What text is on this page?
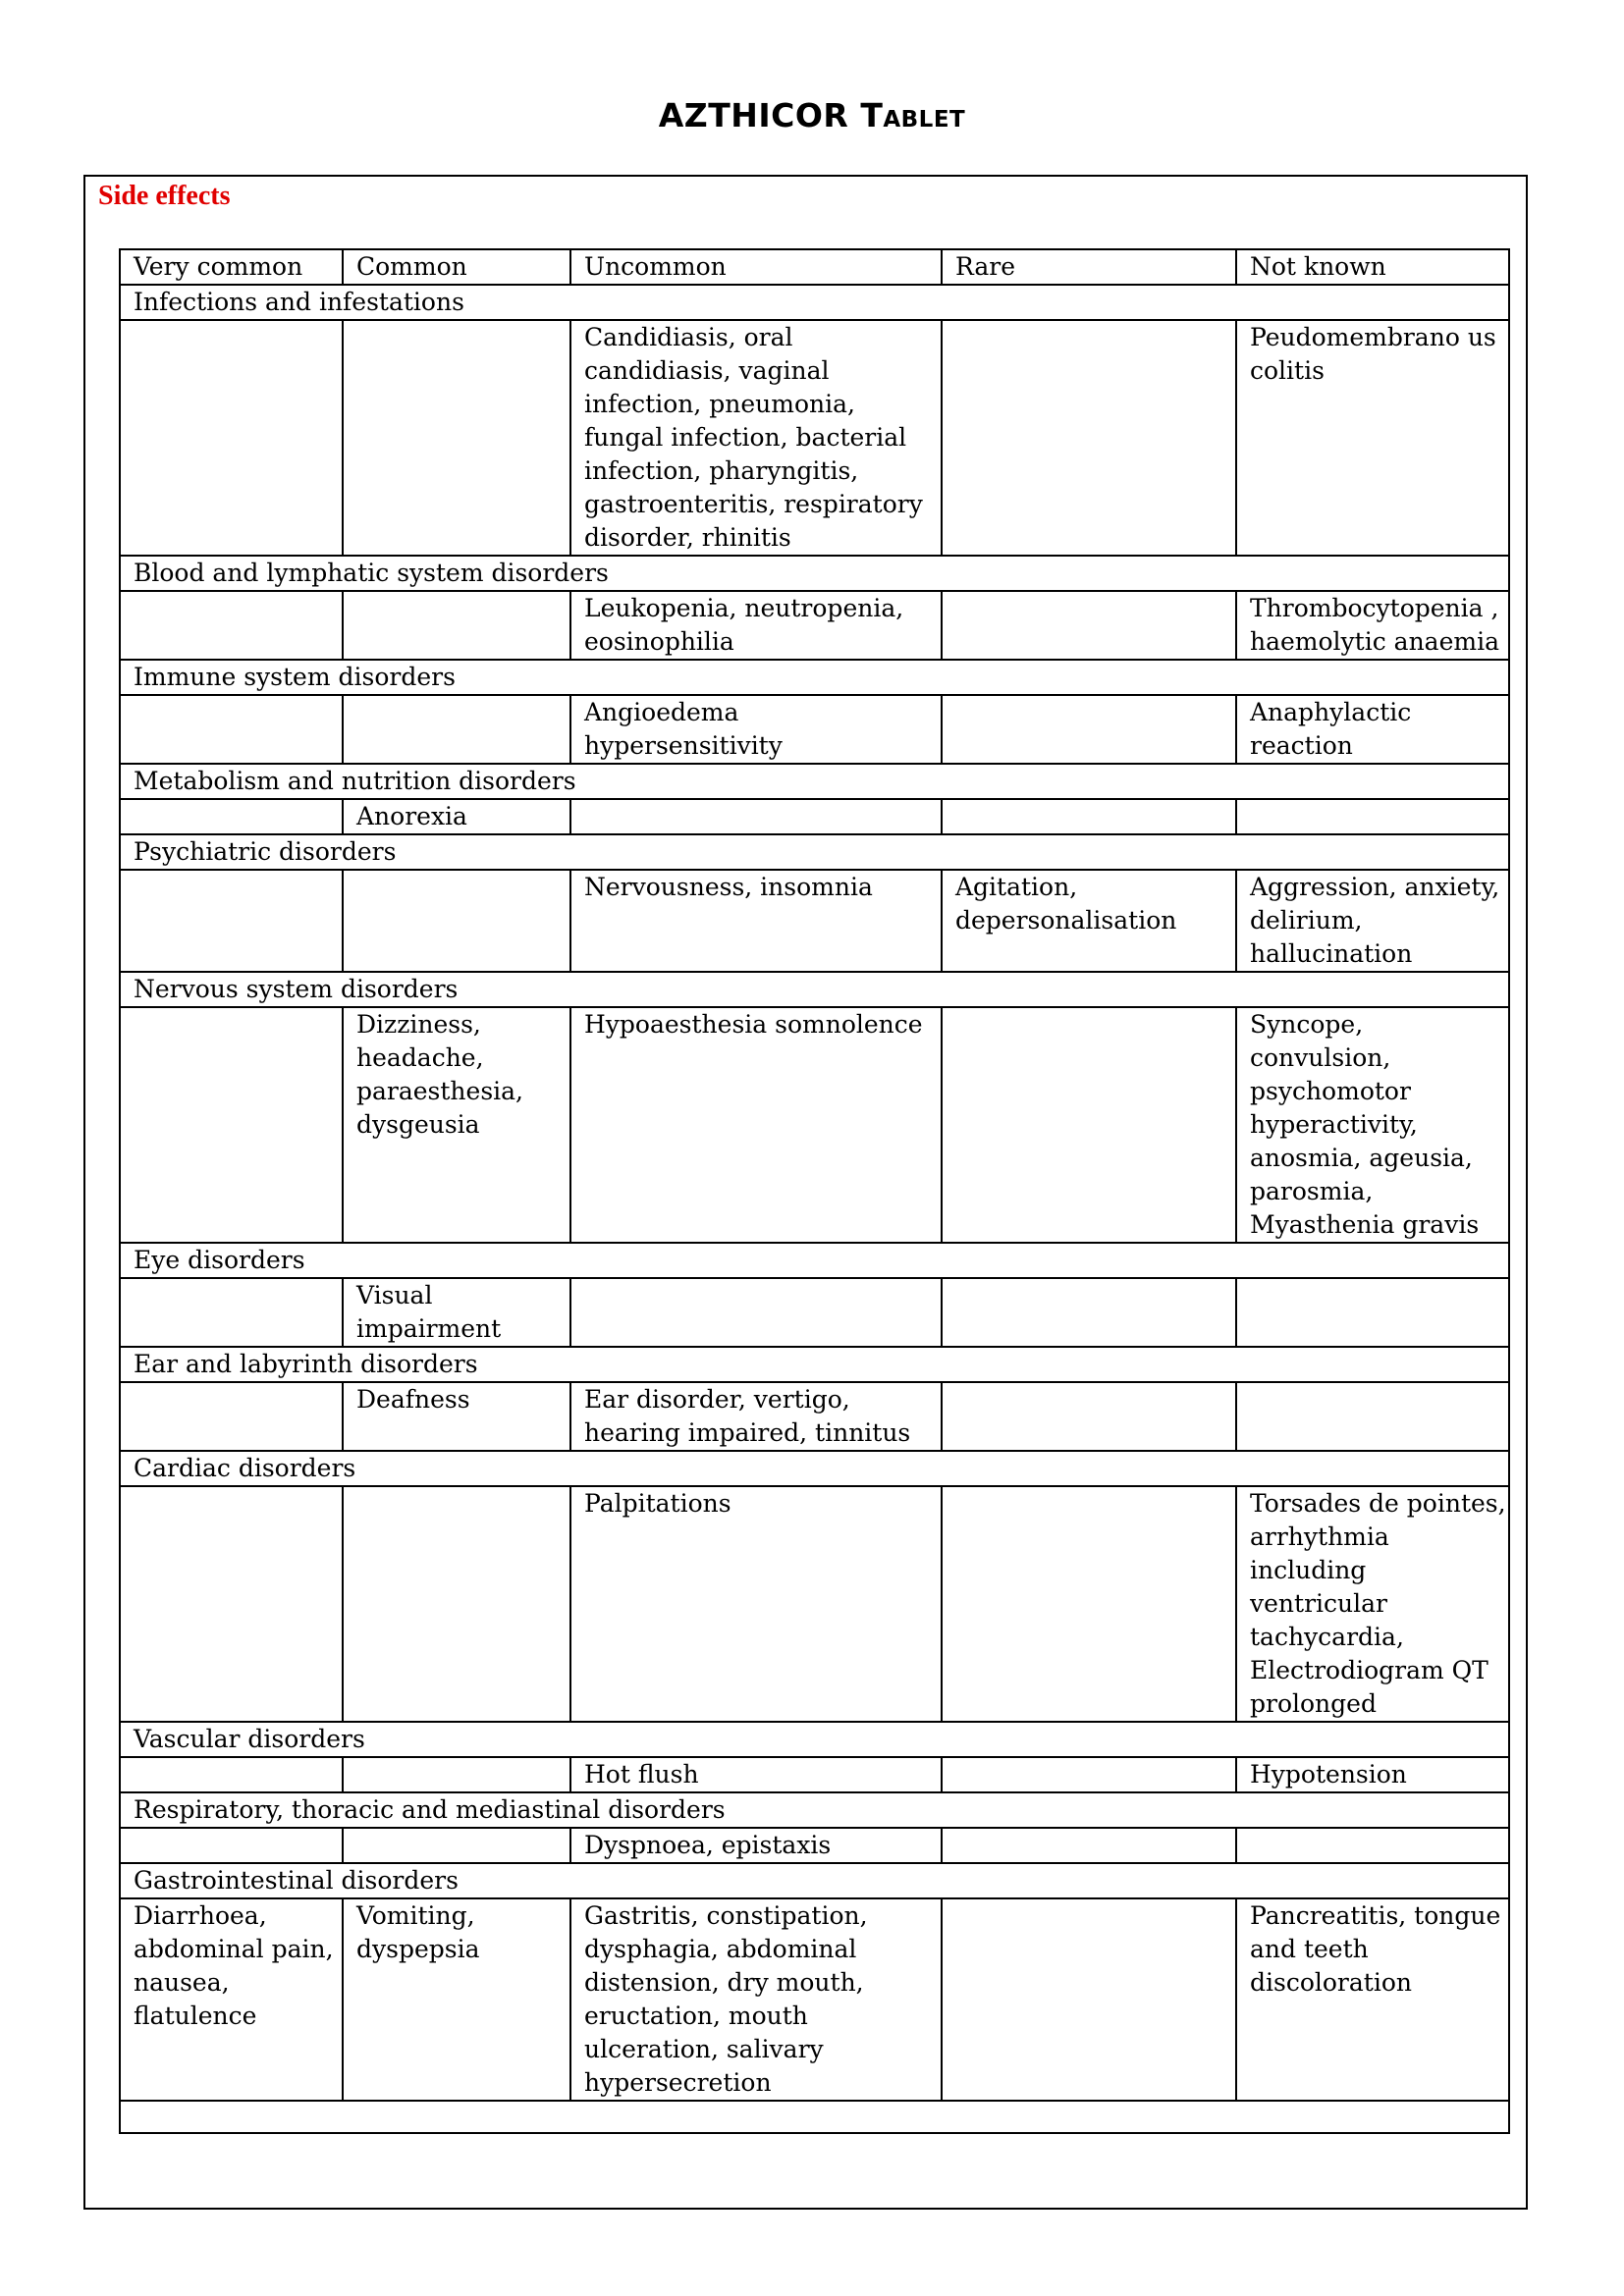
AZTHICOR Tablet
Side effects
Very common	Common	Uncommon	Rare	Not known
Infections and infestations				
		Candidiasis, oral candidiasis, vaginal infection, pneumonia, fungal infection, bacterial infection, pharyngitis, gastroenteritis, respiratory disorder, rhinitis		Peudomembrano us colitis
Blood and lymphatic system disorders				
		Leukopenia, neutropenia, eosinophilia		Thrombocytopenia , haemolytic anaemia
Immune system disorders				
		Angioedema hypersensitivity		Anaphylactic reaction
Metabolism and nutrition disorders				
	Anorexia			
Psychiatric disorders				
		Nervousness, insomnia	Agitation, depersonalisation	Aggression, anxiety, delirium, hallucination
Nervous system disorders				
	Dizziness, headache, paraesthesia, dysgeusia	Hypoaesthesia somnolence		Syncope, convulsion, psychomotor hyperactivity, anosmia, ageusia, parosmia, Myasthenia gravis
Eye disorders				
	Visual impairment			
Ear and labyrinth disorders				
	Deafness	Ear disorder, vertigo, hearing impaired, tinnitus		
Cardiac disorders				
		Palpitations		Torsades de pointes, arrhythmia including ventricular tachycardia, Electrodiogram QT prolonged
Vascular disorders				
		Hot flush		Hypotension
Respiratory, thoracic and mediastinal disorders				
		Dyspnoea, epistaxis		
Gastrointestinal disorders				
Diarrhoea, abdominal pain, nausea, flatulence	Vomiting, dyspepsia	Gastritis, constipation, dysphagia, abdominal distension, dry mouth, eructation, mouth ulceration, salivary hypersecretion		Pancreatitis, tongue and teeth discoloration
